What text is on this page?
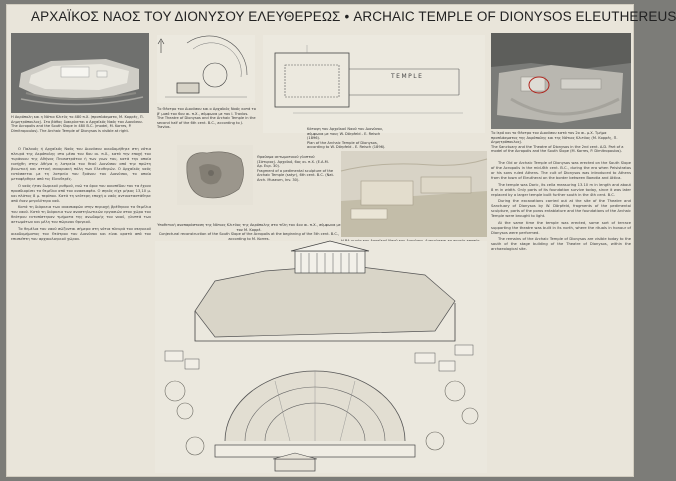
ΑΡΧΑΪΚΟΣ ΝΑΟΣ ΤΟΥ ΔΙΟΝΥΣΟΥ ΕΛΕΥΘΕΡΕΩΣ • ARCHAIC TEMPLE OF DIONYSOS ELEUTHEREUS
Η Ακρόπολη και η Νότια Κλιτύς το 480 π.Χ. (προπλάσματα, Μ. Κορρές, Π. Δημητρόπουλος). Στο βάθος διακρίνεται ο Αρχαϊκός Ναός του Διονύσου.
The Acropolis and the South Slope in 480 B.C. (model, M. Korres, P. Dimitropoulos). The Archaic Temple of Dionysos is visible at right.

Ο Παλαιός ή Αρχαϊκός Ναός του Διονύσου οικοδομήθηκε στη νότια πλευρά της Ακρόπολης στο μέσο του 6ου αι. π.Χ., κατά την εποχή του τυράννου της Αθήνας Πεισιστράτου ή των γιων του, κατά την οποία εισήχθη στην Αθήνα η λατρεία του θεού Διονύσου από την πρώτη βοιωτική και αττική συνοριακή πόλη των Ελευθερών. Ο Αρχαϊκός ναός εντάσσεται με τη λατρεία του ξοάνου του Διονύσου, το οποίο μεταφέρθηκε από τις Ελευθερές.

Ο ναός ήταν δωρικού ρυθμού, ενώ τα όρια του οικοπέδου του τα έχουν προσδιορίσει τα θεμέλια από τον ανασκαφέα. Ο σηκός είχε μήκος 13,10 μ. και πλάτος 8 μ. περίπου. Κατά τη νεότερη εποχή ο ναός αντικαταστάθηκε από έναν μεγαλύτερο ναό.

Κατά τη διάρκεια των ανασκαφών στην περιοχή βρέθηκαν τα θεμέλια του ναού. Κατά τη διάρκεια των αναστηλωτικών εργασιών στον χώρο του θεάτρου εντοπίστηκαν τμήματα της ανωδομής του ναού, γλυπτά των αετωμάτων και μέλη του πώρινου θριγκού.

Τα θεμέλια του ναού σώζονται σήμερα στη νότια πλευρά του σκηνικού οικοδομήματος του Θεάτρου του Διονύσου και είναι ορατά από τον επισκέπτη του αρχαιολογικού χώρου.

Το Θέατρο του Διονύσου και ο Αρχαϊκός Ναός κατά το β' μισό του 6ου αι. π.Χ., σύμφωνα με τον I. Travlos.
The Theatre of Dionysos and the Archaic Temple in the second half of the 6th cent. B.C., according to J. Travlos.
TEMPLE
Κάτοψη του Αρχαϊκού Ναού του Διονύσου, σύμφωνα με τους W. Dörpfeld - E. Reisch (1896).
Plan of the Archaic Temple of Dionysos, according to W. Dörpfeld - E. Reisch (1896).
Το Ιερό και το Θέατρο του Διονύσου κατά τον 2ο αι. μ.Χ. Τμήμα προπλάσματος της Ακρόπολης και της Νότιας Κλιτύος (Μ. Κορρές, Π. Δημητρόπουλος).
The Sanctuary and the Theatre of Dionysos in the 2nd cent. A.D. Part of a model of the Acropolis and the South Slope (M. Korres, P. Dimitropoulos).

The Old or Archaic Temple of Dionysos was erected on the South Slope of the Acropolis in the mid-6th cent. B.C., during the era when Peisistratos or his sons ruled Athens. The cult of Dionysos was introduced to Athens from the town of Eleutherai on the border between Boeotia and Attica.

The temple was Doric, its cella measuring 13.10 m in length and about 8 m in width. Only parts of its foundation survive today, since it was later replaced by a larger temple built further south in the 4th cent. B.C.

During the excavations carried out at the site of the Theatre and Sanctuary of Dionysos by W. Dörpfeld, fragments of the pedimental sculpture, parts of the poros entablature and the foundations of the Archaic Temple were brought to light.

At the same time the temple was erected, some sort of terrace supporting the theatre was built in its north, where the rituals in honour of Dionysos were performed.

The remains of the Archaic Temple of Dionysos are visible today to the south of the stage building of the Theatre of Dionysos, within the archaeological site.

Θραύσμα αετωματικού γλυπτού (Σάτυρος). Αρχαϊκό, 6ος αι. π.Χ. (Ε.Α.Μ. Αρ. Ευρ. 30).
Fragment of a pedimental sculpture of the Archaic Temple (satyr), 6th cent. B.C. (Nat. Arch. Museum, Inv. 30).
Υποθετική αναπαράσταση της Νότιας Κλιτύος της Ακρόπολης στα τέλη του 4ου αι. π.Χ., σύμφωνα με τον Μ. Κορρέ.
Conjectural reconstruction of the South Slope of the Acropolis at the beginning of the 5th cent. B.C., according to M. Korres.
